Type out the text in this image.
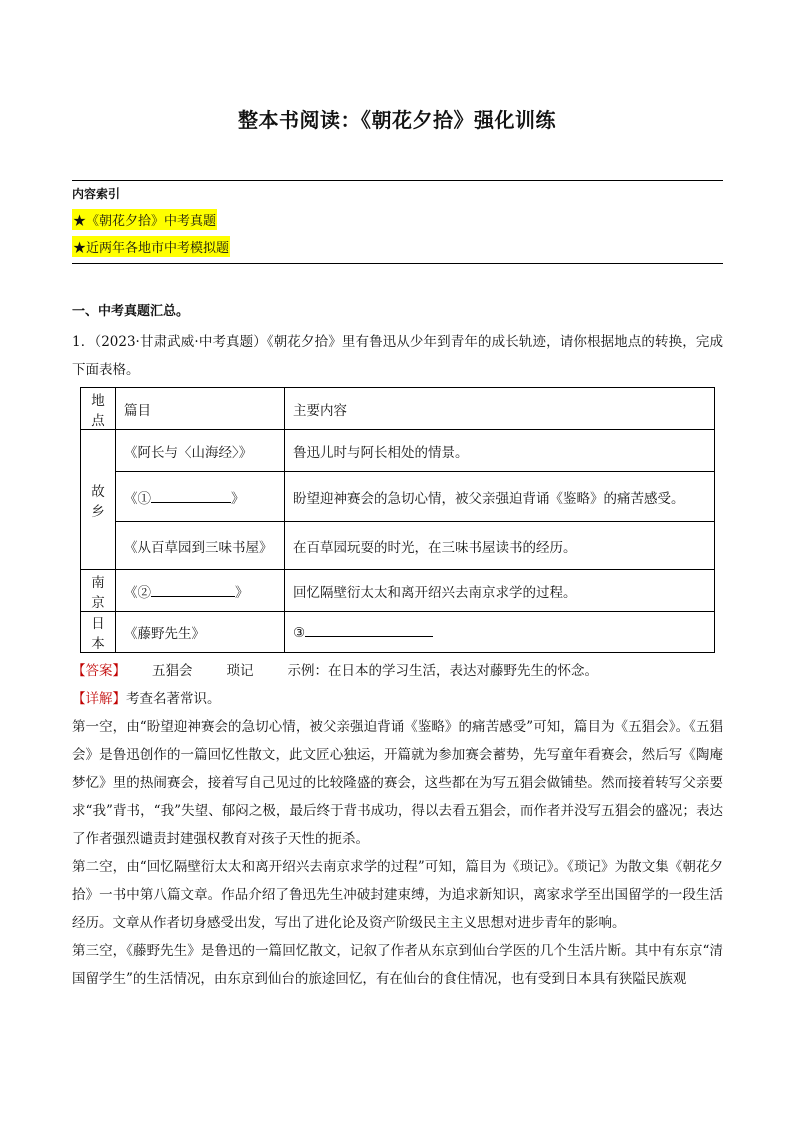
整本书阅读：《朝花夕拾》强化训练
内容索引
★《朝花夕拾》中考真题
★近两年各地市中考模拟题
一、中考真题汇总。
1．（2023·甘肃武威·中考真题）《朝花夕拾》里有鲁迅从少年到青年的成长轨迹，请你根据地点的转换，完成下面表格。
地点	篇目	主要内容
故乡	《阿长与〈山海经〉》	鲁迅儿时与阿长相处的情景。
	《① 》	盼望迎神赛会的急切心情，被父亲强迫背诵《鉴略》的痛苦感受。
	《从百草园到三味书屋》	在百草园玩耍的时光，在三味书屋读书的经历。
南京	《② 》	回忆隔壁衍太太和离开绍兴去南京求学的过程。
日本	《藤野先生》	③

【答案】 五猖会	琐记	示例：在日本的学习生活，表达对藤野先生的怀念。

【详解】考查名著常识。

第一空，由“盼望迎神赛会的急切心情，被父亲强迫背诵《鉴略》的痛苦感受”可知，篇目为《五猖会》。《五猖会》是鲁迅创作的一篇回忆性散文，此文匠心独运，开篇就为参加赛会蓄势，先写童年看赛会，然后写《陶庵梦忆》里的热闹赛会，接着写自己见过的比较隆盛的赛会，这些都在为写五猖会做铺垫。然而接着转写父亲要求“我”背书，“我”失望、郁闷之极，最后终于背书成功，得以去看五猖会，而作者并没写五猖会的盛况；表达了作者强烈谴责封建强权教育对孩子天性的扼杀。

第二空，由“回忆隔壁衍太太和离开绍兴去南京求学的过程”可知，篇目为《琐记》。《琐记》为散文集《朝花夕拾》一书中第八篇文章。作品介绍了鲁迅先生冲破封建束缚，为追求新知识，离家求学至出国留学的一段生活经历。文章从作者切身感受出发，写出了进化论及资产阶级民主主义思想对进步青年的影响。

第三空，《藤野先生》是鲁迅的一篇回忆散文，记叙了作者从东京到仙台学医的几个生活片断。其中有东京“清国留学生”的生活情况，由东京到仙台的旅途回忆，有在仙台的食住情况，也有受到日本具有狭隘民族观
